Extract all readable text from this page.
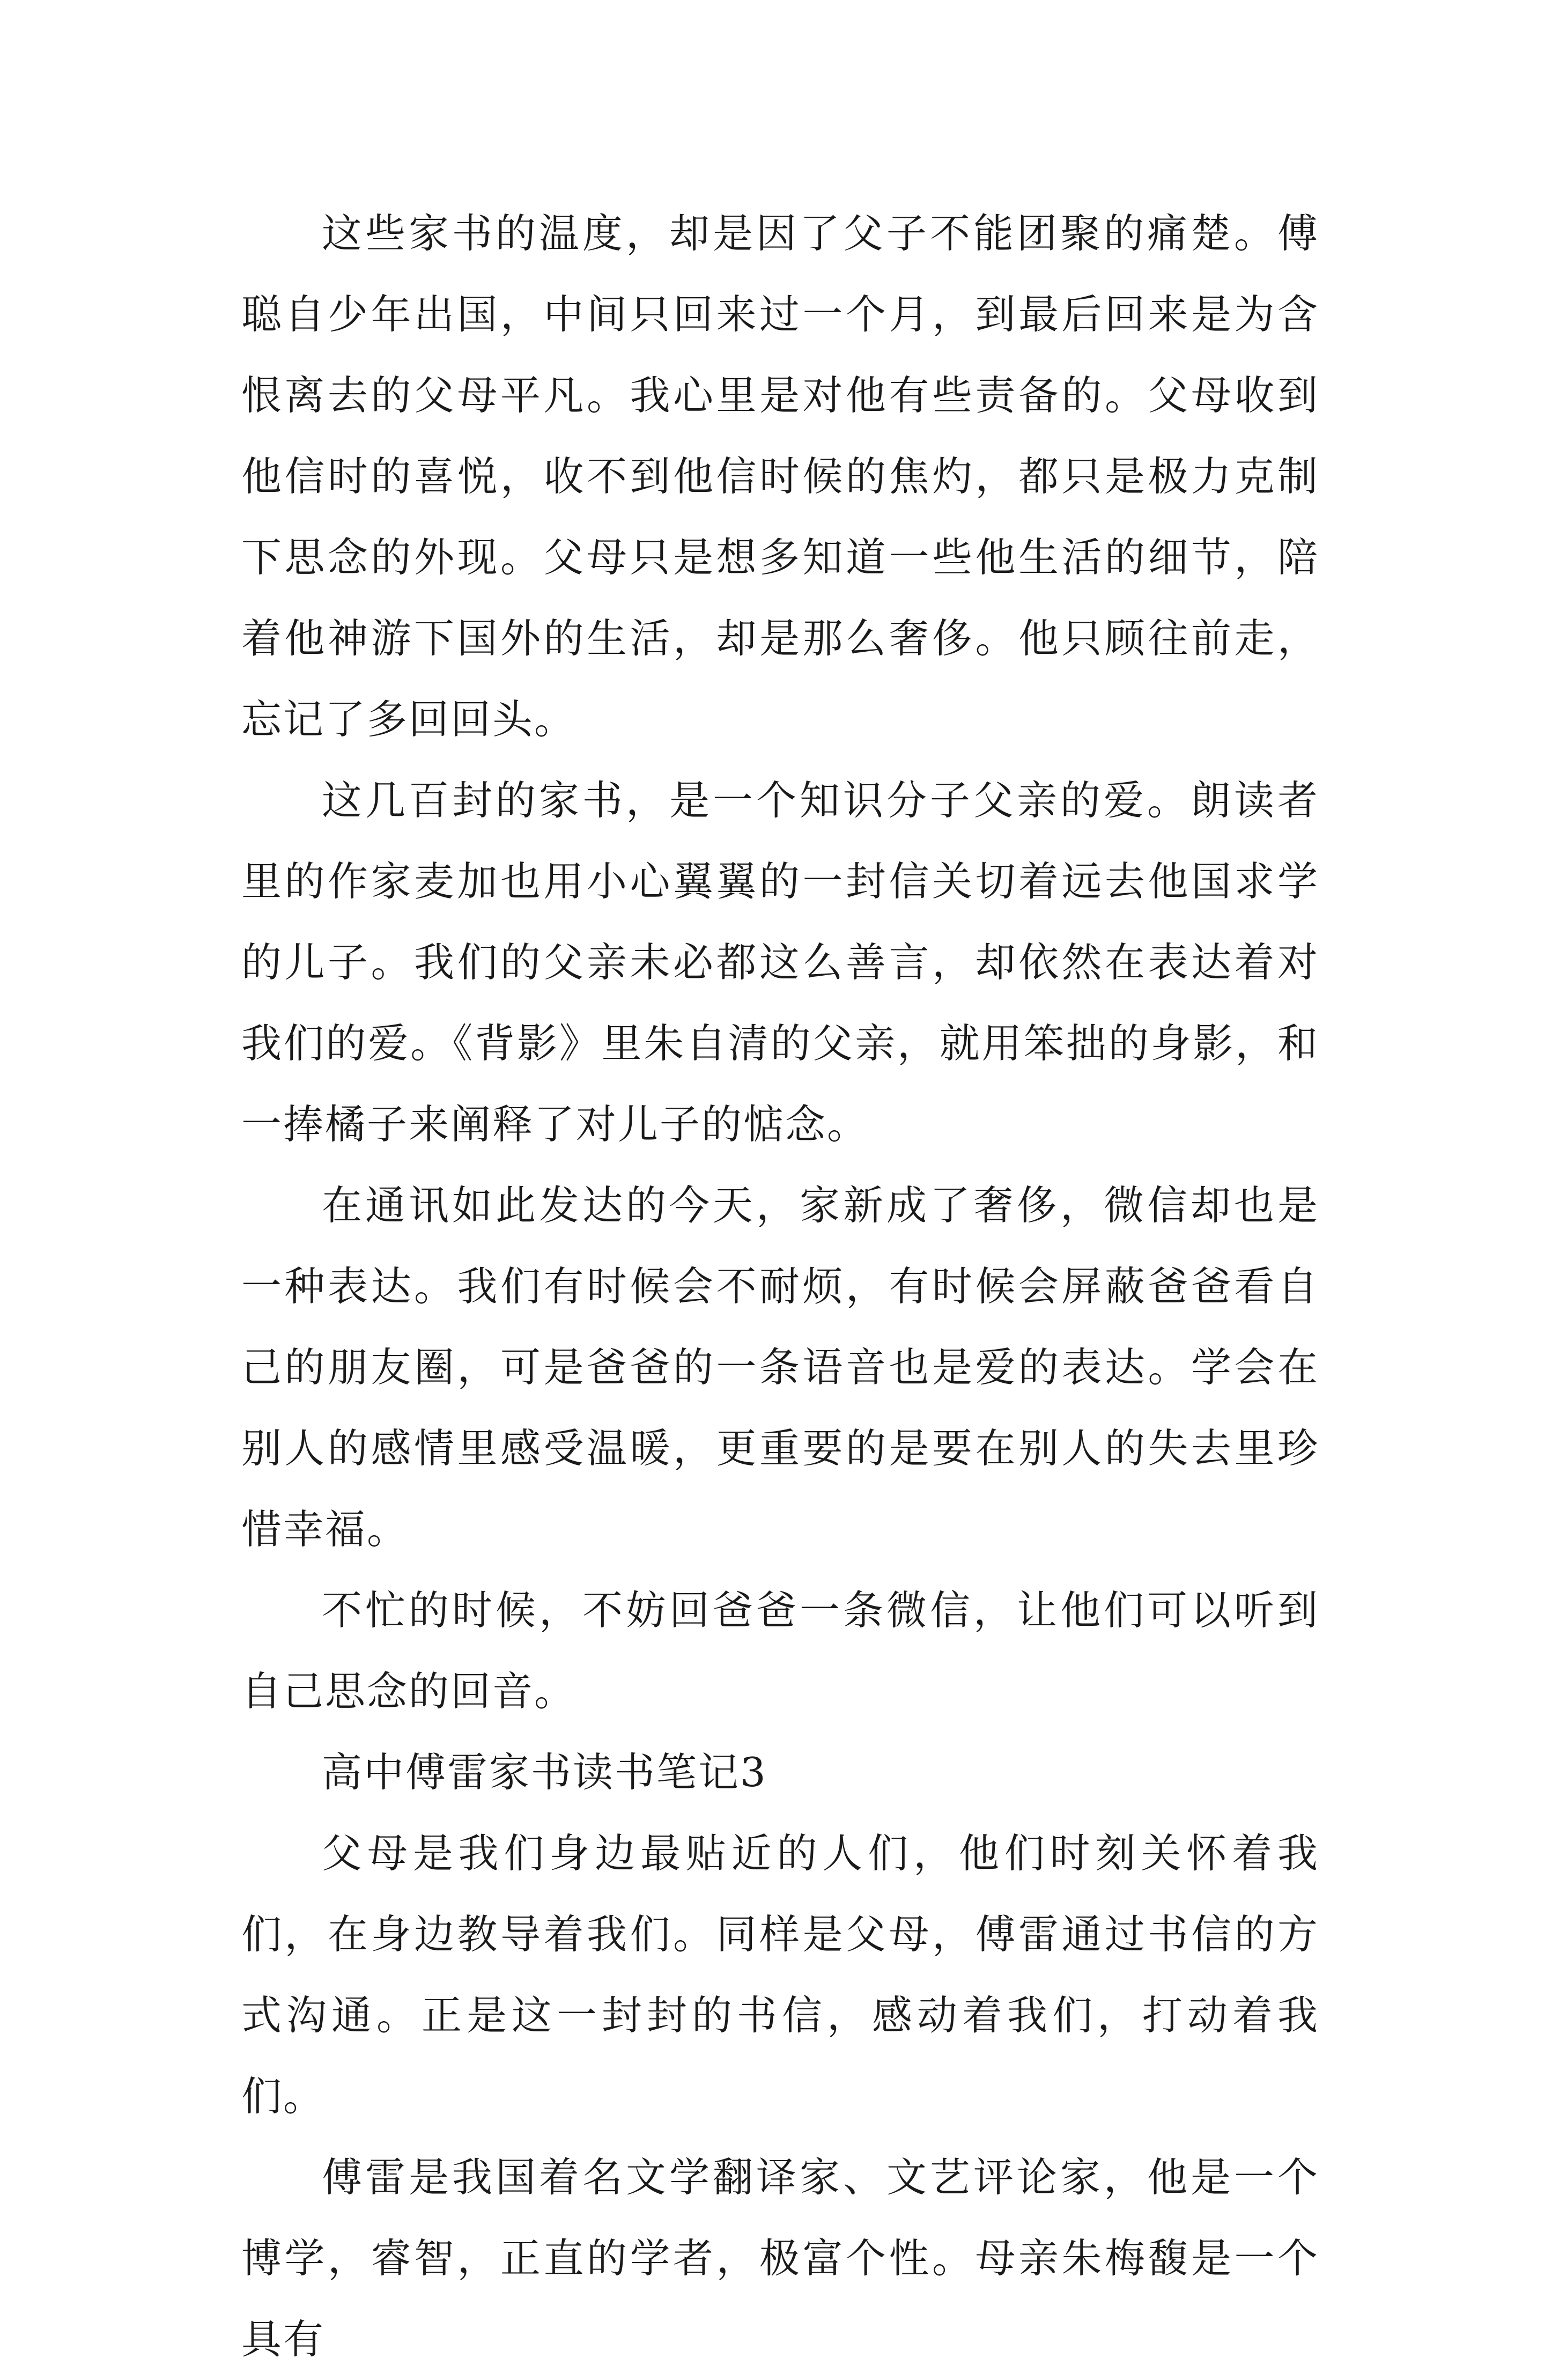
这些家书的温度，却是因了父子不能团聚的痛楚。傅聪自少年出国，中间只回来过一个月，到最后回来是为含恨离去的父母平凡。我心里是对他有些责备的。父母收到他信时的喜悦，收不到他信时候的焦灼，都只是极力克制下思念的外现。父母只是想多知道一些他生活的细节，陪着他神游下国外的生活，却是那么奢侈。他只顾往前走，忘记了多回回头。

这几百封的家书，是一个知识分子父亲的爱。朗读者里的作家麦加也用小心翼翼的一封信关切着远去他国求学的儿子。我们的父亲未必都这么善言，却依然在表达着对我们的爱。《背影》里朱自清的父亲，就用笨拙的身影，和一捧橘子来阐释了对儿子的惦念。

在通讯如此发达的今天，家新成了奢侈，微信却也是一种表达。我们有时候会不耐烦，有时候会屏蔽爸爸看自己的朋友圈，可是爸爸的一条语音也是爱的表达。学会在别人的感情里感受温暖，更重要的是要在别人的失去里珍惜幸福。

不忙的时候，不妨回爸爸一条微信，让他们可以听到自己思念的回音。

高中傅雷家书读书笔记3

父母是我们身边最贴近的人们，他们时刻关怀着我们，在身边教导着我们。同样是父母，傅雷通过书信的方式沟通。正是这一封封的书信，感动着我们，打动着我们。

傅雷是我国着名文学翻译家、文艺评论家，他是一个博学，睿智，正直的学者，极富个性。母亲朱梅馥是一个具有
